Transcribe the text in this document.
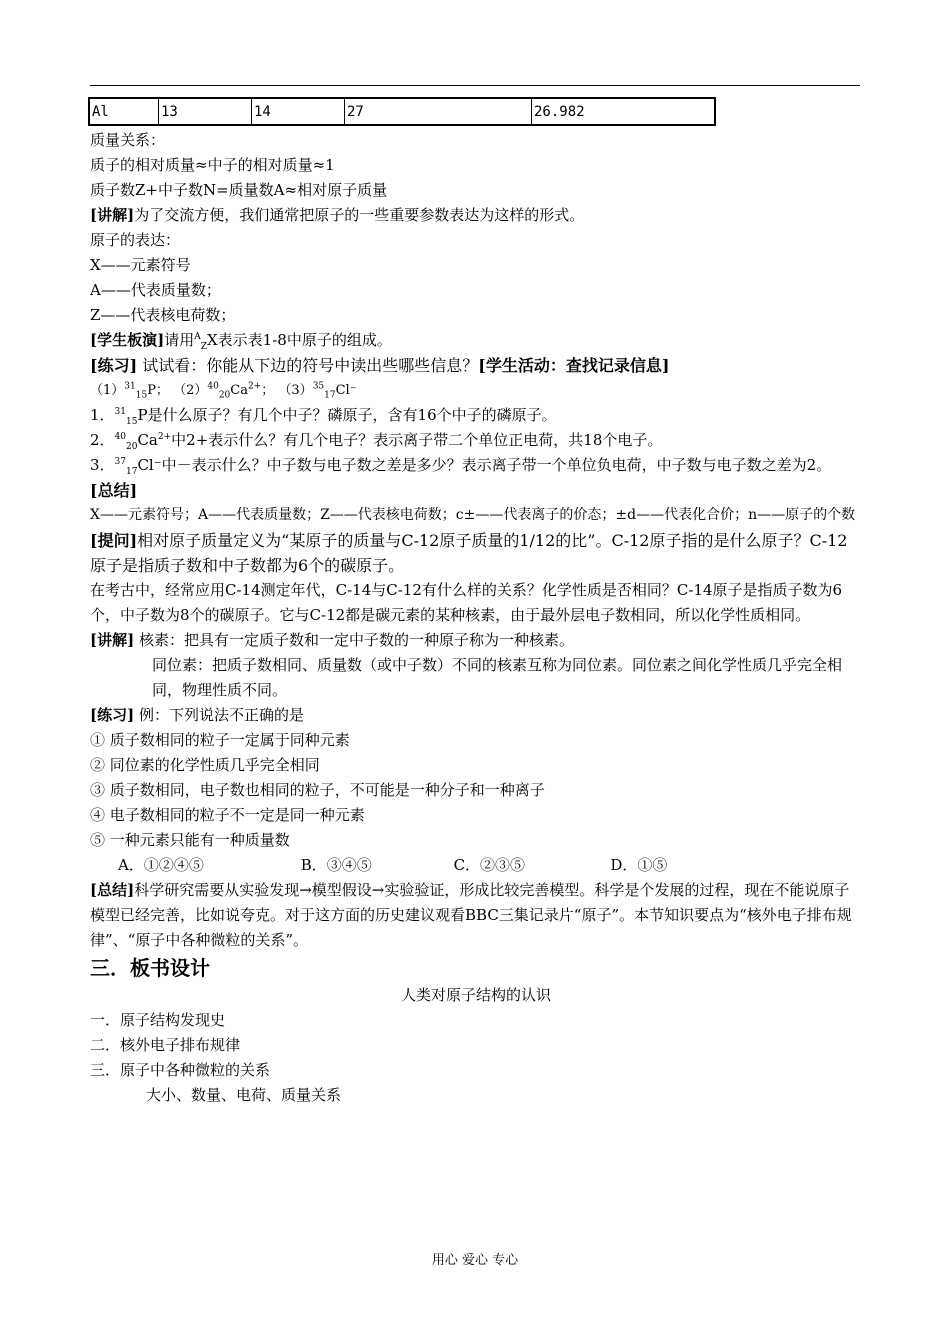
Al	13	14	27	26.982
质量关系：
质子的相对质量≈中子的相对质量≈1
质子数Z+中子数N=质量数A≈相对原子质量
[讲解]为了交流方便，我们通常把原子的一些重要参数表达为这样的形式。
原子的表达：
X——元素符号
A——代表质量数；
Z——代表核电荷数；
[学生板演]请用$^A_Z$X表示表1-8中原子的组成。
[练习] 试试看：你能从下边的符号中读出些哪些信息？[学生活动：查找记录信息]
$(1)^{31}_{15}P$； $(2)^{40}_{20}Ca^{2+}$； $(3)^{35}_{17}Cl^-$
1．$^{31}_{15}$P是什么原子？有几个中子？磷原子，含有16个中子的磷原子。
2．$^{40}_{20}Ca^{2+}$中2+表示什么？有几个电子？表示离子带二个单位正电荷，共18个电子。
3．$^{37}_{17}$Cl⁻中－表示什么？中子数与电子数之差是多少？表示离子带一个单位负电荷，中子数与电子数之差为2。
[总结]
X——元素符号；A——代表质量数；Z——代表核电荷数；c±——代表离子的价态；±d——代表化合价；n——原子的个数
[提问]相对原子质量定义为“某原子的质量与C-12原子质量的1/12的比”。C-12原子指的是什么原子？C-12原子是指质子数和中子数都为6个的碳原子。
在考古中，经常应用C-14测定年代，C-14与C-12有什么样的关系？化学性质是否相同？C-14原子是指质子数为6个，中子数为8个的碳原子。它与C-12都是碳元素的某种核素，由于最外层电子数相同，所以化学性质相同。
[讲解] 核素：把具有一定质子数和一定中子数的一种原子称为一种核素。
同位素：把质子数相同、质量数（或中子数）不同的核素互称为同位素。同位素之间化学性质几乎完全相同，物理性质不同。
[练习] 例：下列说法不正确的是
① 质子数相同的粒子一定属于同种元素
② 同位素的化学性质几乎完全相同
③ 质子数相同，电子数也相同的粒子，不可能是一种分子和一种离子
④ 电子数相同的粒子不一定是同一种元素
⑤ 一种元素只能有一种质量数
A．①②④⑤	B．③④⑤	C．②③⑤	D．①⑤
[总结]科学研究需要从实验发现→模型假设→实验验证，形成比较完善模型。科学是个发展的过程，现在不能说原子模型已经完善，比如说夸克。对于这方面的历史建议观看BBC三集记录片“原子”。本节知识要点为“核外电子排布规律”、“原子中各种微粒的关系”。
三．板书设计
人类对原子结构的认识
一．原子结构发现史
二．核外电子排布规律
三．原子中各种微粒的关系
大小、数量、电荷、质量关系
用心 爱心 专心
